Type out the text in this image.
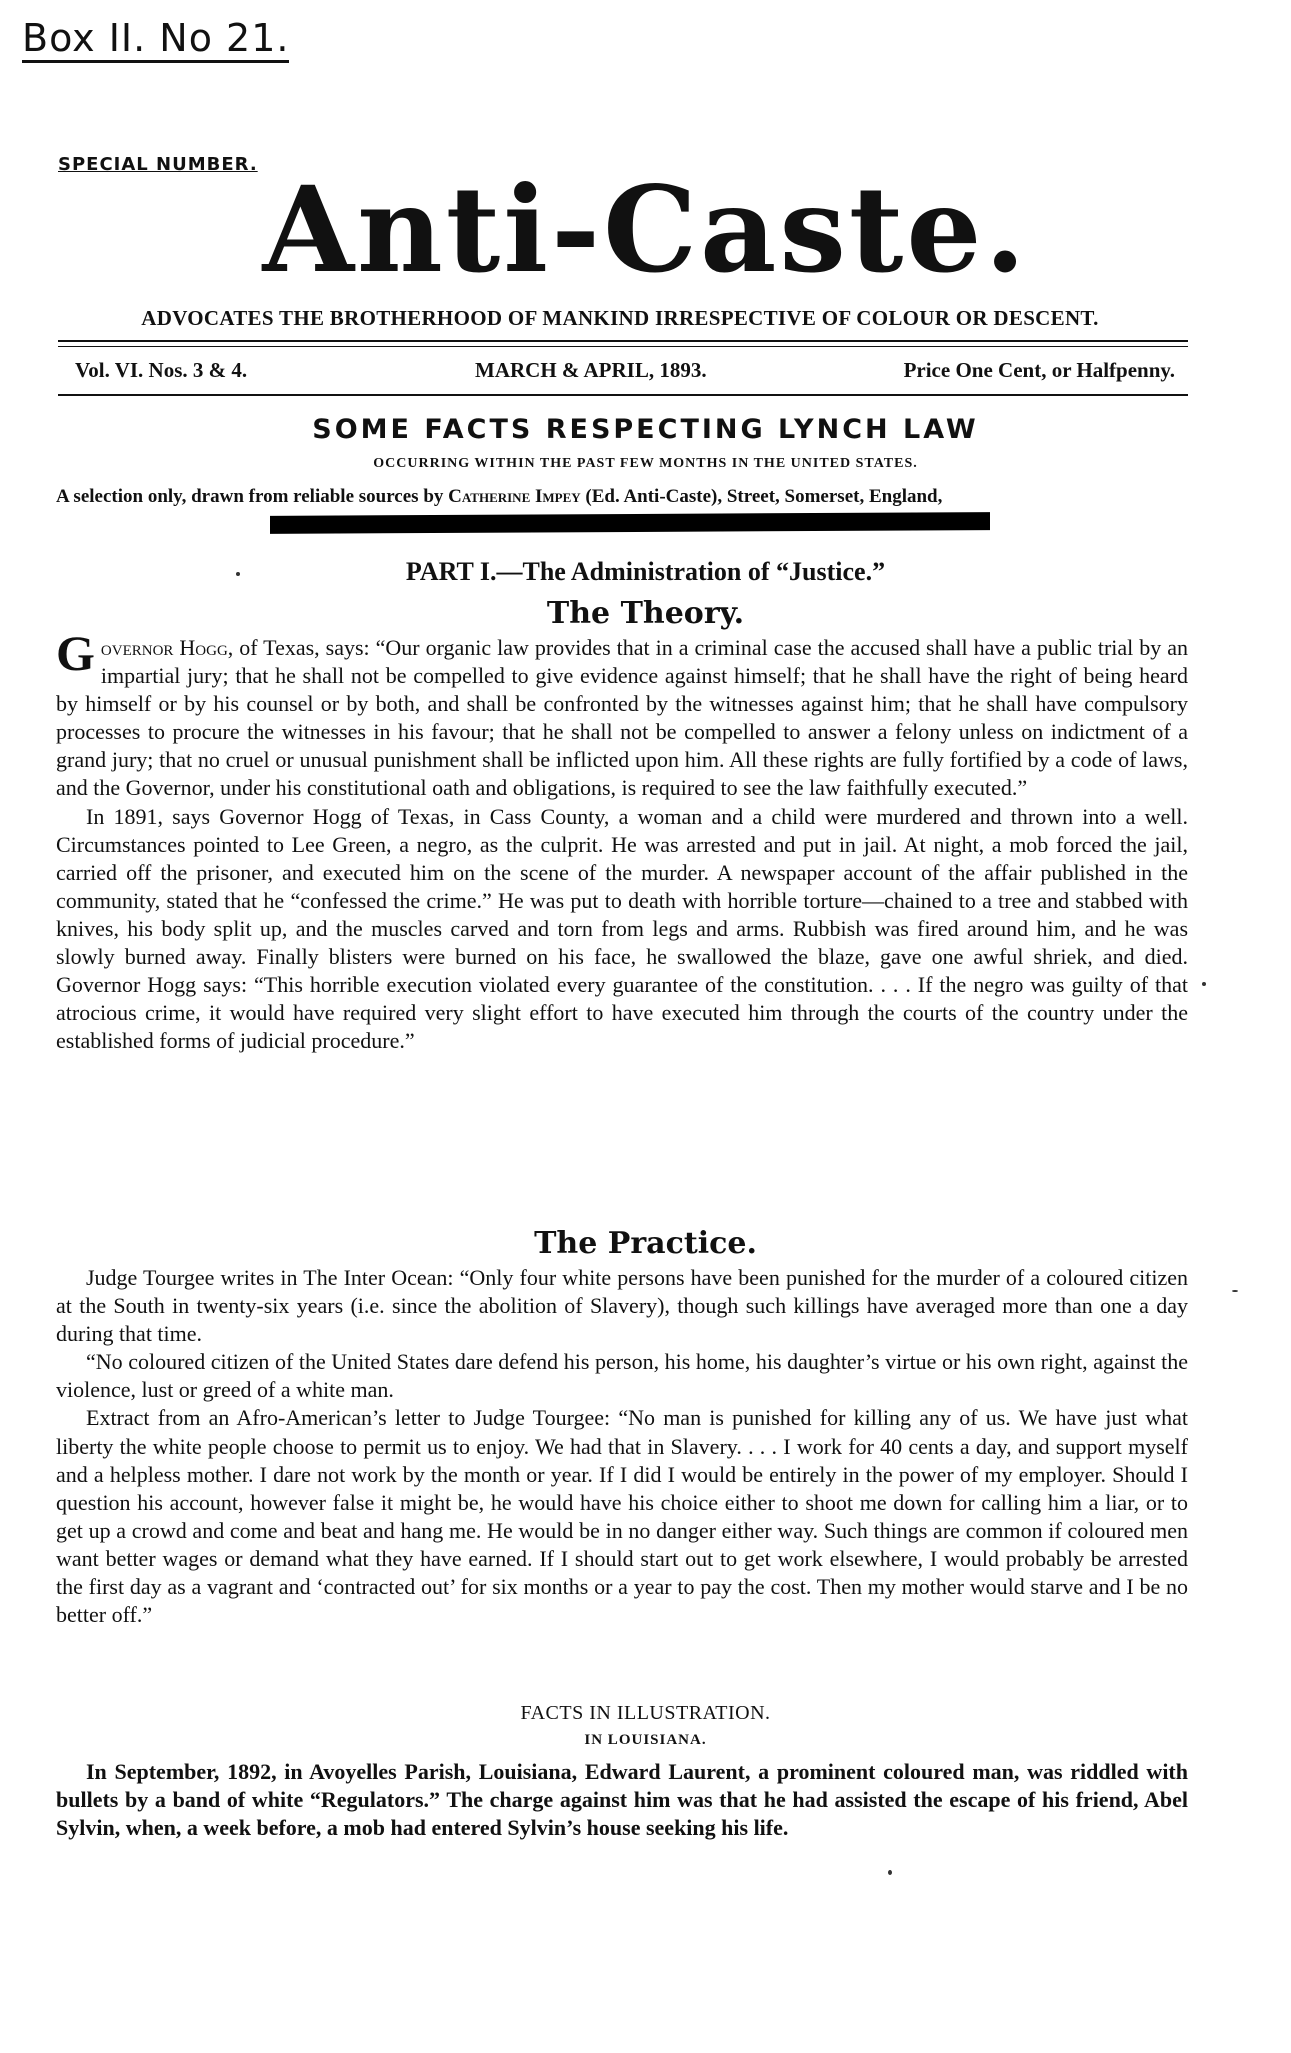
Box II. No 21.
SPECIAL NUMBER. Anti-Caste.
ADVOCATES THE BROTHERHOOD OF MANKIND IRRESPECTIVE OF COLOUR OR DESCENT.
Vol. VI. Nos. 3 & 4.	MARCH & APRIL, 1893.	Price One Cent, or Halfpenny.
SOME FACTS RESPECTING LYNCH LAW
OCCURRING WITHIN THE PAST FEW MONTHS IN THE UNITED STATES.
A selection only, drawn from reliable sources by Catherine Impey (Ed. Anti-Caste), Street, Somerset, England,
PART I.—The Administration of “Justice.”
The Theory.

Governor Hogg, of Texas, says: “Our organic law provides that in a criminal case the accused shall have a public trial by an impartial jury; that he shall not be compelled to give evidence against himself; that he shall have the right of being heard by himself or by his counsel or by both, and shall be confronted by the witnesses against him; that he shall have compulsory processes to procure the witnesses in his favour; that he shall not be compelled to answer a felony unless on indictment of a grand jury; that no cruel or unusual punishment shall be inflicted upon him. All these rights are fully fortified by a code of laws, and the Governor, under his constitutional oath and obligations, is required to see the law faithfully executed.”

In 1891, says Governor Hogg of Texas, in Cass County, a woman and a child were murdered and thrown into a well. Circumstances pointed to Lee Green, a negro, as the culprit. He was arrested and put in jail. At night, a mob forced the jail, carried off the prisoner, and executed him on the scene of the murder. A newspaper account of the affair published in the community, stated that he “confessed the crime.” He was put to death with horrible torture—chained to a tree and stabbed with knives, his body split up, and the muscles carved and torn from legs and arms. Rubbish was fired around him, and he was slowly burned away. Finally blisters were burned on his face, he swallowed the blaze, gave one awful shriek, and died. Governor Hogg says: “This horrible execution violated every guarantee of the constitution. . . . If the negro was guilty of that atrocious crime, it would have required very slight effort to have executed him through the courts of the country under the established forms of judicial procedure.”

The Practice.

Judge Tourgee writes in The Inter Ocean: “Only four white persons have been punished for the murder of a coloured citizen at the South in twenty-six years (i.e. since the abolition of Slavery), though such killings have averaged more than one a day during that time.

“No coloured citizen of the United States dare defend his person, his home, his daughter’s virtue or his own right, against the violence, lust or greed of a white man.

Extract from an Afro-American’s letter to Judge Tourgee: “No man is punished for killing any of us. We have just what liberty the white people choose to permit us to enjoy. We had that in Slavery. . . . I work for 40 cents a day, and support myself and a helpless mother. I dare not work by the month or year. If I did I would be entirely in the power of my employer. Should I question his account, however false it might be, he would have his choice either to shoot me down for calling him a liar, or to get up a crowd and come and beat and hang me. He would be in no danger either way. Such things are common if coloured men want better wages or demand what they have earned. If I should start out to get work elsewhere, I would probably be arrested the first day as a vagrant and ‘contracted out’ for six months or a year to pay the cost. Then my mother would starve and I be no better off.”

FACTS IN ILLUSTRATION.
IN LOUISIANA.

In September, 1892, in Avoyelles Parish, Louisiana, Edward Laurent, a prominent coloured man, was riddled with bullets by a band of white “Regulators.” The charge against him was that he had assisted the escape of his friend, Abel Sylvin, when, a week before, a mob had entered Sylvin’s house seeking his life.
